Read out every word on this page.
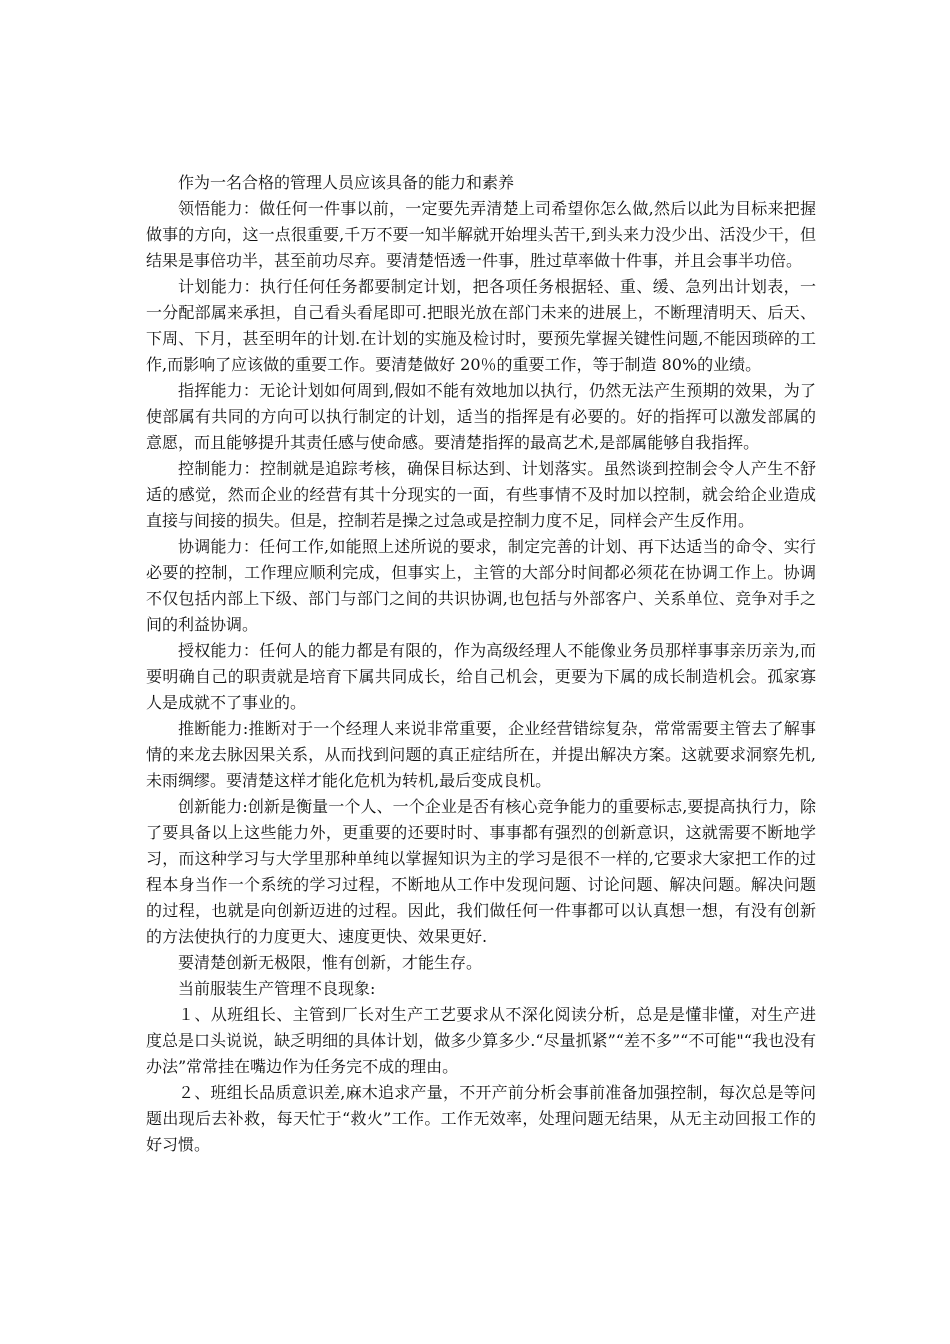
作为一名合格的管理人员应该具备的能力和素养

领悟能力：做任何一件事以前，一定要先弄清楚上司希望你怎么做,然后以此为目标来把握做事的方向，这一点很重要,千万不要一知半解就开始埋头苦干,到头来力没少出、活没少干，但结果是事倍功半，甚至前功尽弃。要清楚悟透一件事，胜过草率做十件事，并且会事半功倍。

计划能力：执行任何任务都要制定计划，把各项任务根据轻、重、缓、急列出计划表，一一分配部属来承担，自己看头看尾即可.把眼光放在部门未来的进展上，不断理清明天、后天、下周、下月，甚至明年的计划.在计划的实施及检讨时，要预先掌握关键性问题,不能因琐碎的工作,而影响了应该做的重要工作。要清楚做好 20％的重要工作，等于制造 80%的业绩。

指挥能力：无论计划如何周到,假如不能有效地加以执行，仍然无法产生预期的效果，为了使部属有共同的方向可以执行制定的计划，适当的指挥是有必要的。好的指挥可以激发部属的意愿，而且能够提升其责任感与使命感。要清楚指挥的最高艺术,是部属能够自我指挥。

控制能力：控制就是追踪考核，确保目标达到、计划落实。虽然谈到控制会令人产生不舒适的感觉，然而企业的经营有其十分现实的一面，有些事情不及时加以控制，就会给企业造成直接与间接的损失。但是，控制若是操之过急或是控制力度不足，同样会产生反作用。

协调能力：任何工作,如能照上述所说的要求，制定完善的计划、再下达适当的命令、实行必要的控制，工作理应顺利完成，但事实上，主管的大部分时间都必须花在协调工作上。协调不仅包括内部上下级、部门与部门之间的共识协调,也包括与外部客户、关系单位、竞争对手之间的利益协调。

授权能力：任何人的能力都是有限的，作为高级经理人不能像业务员那样事事亲历亲为,而要明确自己的职责就是培育下属共同成长，给自己机会，更要为下属的成长制造机会。孤家寡人是成就不了事业的。

推断能力:推断对于一个经理人来说非常重要，企业经营错综复杂，常常需要主管去了解事情的来龙去脉因果关系，从而找到问题的真正症结所在，并提出解决方案。这就要求洞察先机,未雨绸缪。要清楚这样才能化危机为转机,最后变成良机。

创新能力:创新是衡量一个人、一个企业是否有核心竞争能力的重要标志,要提高执行力，除了要具备以上这些能力外，更重要的还要时时、事事都有强烈的创新意识，这就需要不断地学习，而这种学习与大学里那种单纯以掌握知识为主的学习是很不一样的,它要求大家把工作的过程本身当作一个系统的学习过程，不断地从工作中发现问题、讨论问题、解决问题。解决问题的过程，也就是向创新迈进的过程。因此，我们做任何一件事都可以认真想一想，有没有创新的方法使执行的力度更大、速度更快、效果更好.

要清楚创新无极限，惟有创新，才能生存。

当前服装生产管理不良现象:

１、从班组长、主管到厂长对生产工艺要求从不深化阅读分析，总是是懂非懂，对生产进度总是口头说说，缺乏明细的具体计划，做多少算多少.“尽量抓紧”“差不多”“不可能"“我也没有办法”常常挂在嘴边作为任务完不成的理由。

２、班组长品质意识差,麻木追求产量，不开产前分析会事前准备加强控制，每次总是等问题出现后去补救，每天忙于“救火”工作。工作无效率，处理问题无结果，从无主动回报工作的好习惯。
